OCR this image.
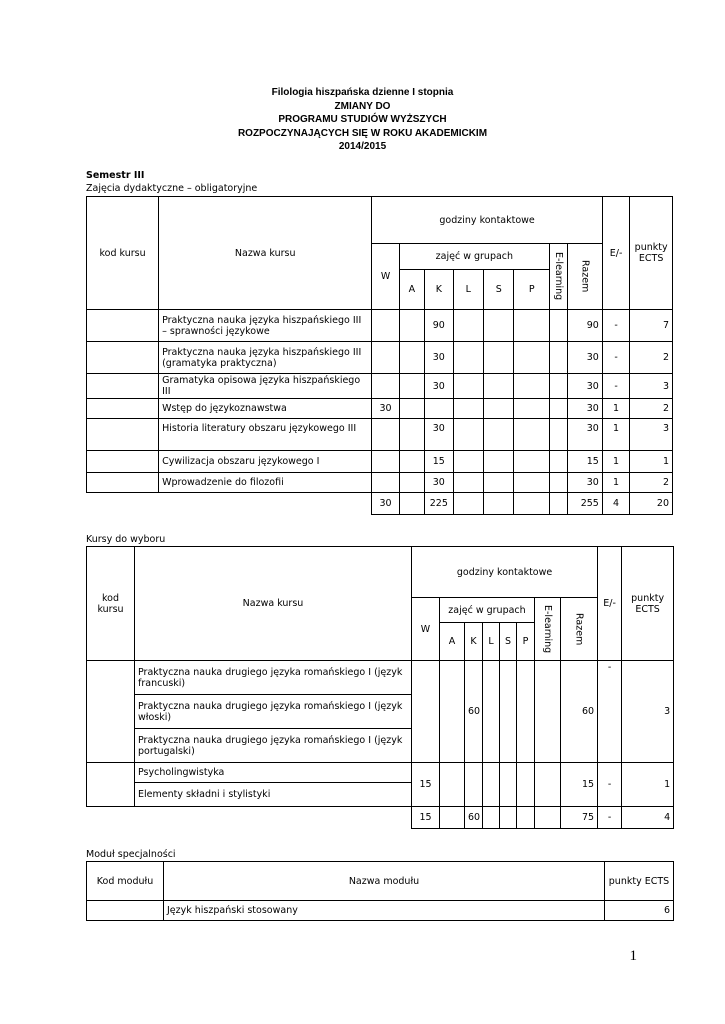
Filologia hiszpańska dzienne I stopnia
ZMIANY DO
PROGRAMU STUDIÓW WYŻSZYCH
ROZPOCZYNAJĄCYCH SIĘ W ROKU AKADEMICKIM
2014/2015
Semestr III
Zajęcia dydaktyczne – obligatoryjne
kod kursu	Nazwa kursu	godziny kontaktowe								E/-	punkty ECTS
		W	zajęć w grupach					E-learning	Razem		
			A	K	L	S	P				
	Praktyczna nauka języka hiszpańskiego III – sprawności językowe			90					90	-	7
	Praktyczna nauka języka hiszpańskiego III (gramatyka praktyczna)			30					30	-	2
	Gramatyka opisowa języka hiszpańskiego III			30					30	-	3
	Wstęp do językoznawstwa	30							30	1	2
	Historia literatury obszaru językowego III			30					30	1	3
	Cywilizacja obszaru językowego I			15					15	1	1
	Wprowadzenie do filozofii			30					30	1	2
		30		225					255	4	20
Kursy do wyboru
kod kursu	Nazwa kursu	godziny kontaktowe								E/-	punkty ECTS
		W	zajęć w grupach					E-learning	Razem		
			A	K	L	S	P				
	Praktyczna nauka drugiego języka romańskiego I (język francuski)			60					60	-	3
	Praktyczna nauka drugiego języka romańskiego I (język włoski)										
	Praktyczna nauka drugiego języka romańskiego I (język portugalski)										
	Psycholingwistyka	15							15	-	1
	Elementy składni i stylistyki										
		15		60					75	-	4
Moduł specjalności
Kod modułu	Nazwa modułu	punkty ECTS
	Język hiszpański stosowany	6
1
